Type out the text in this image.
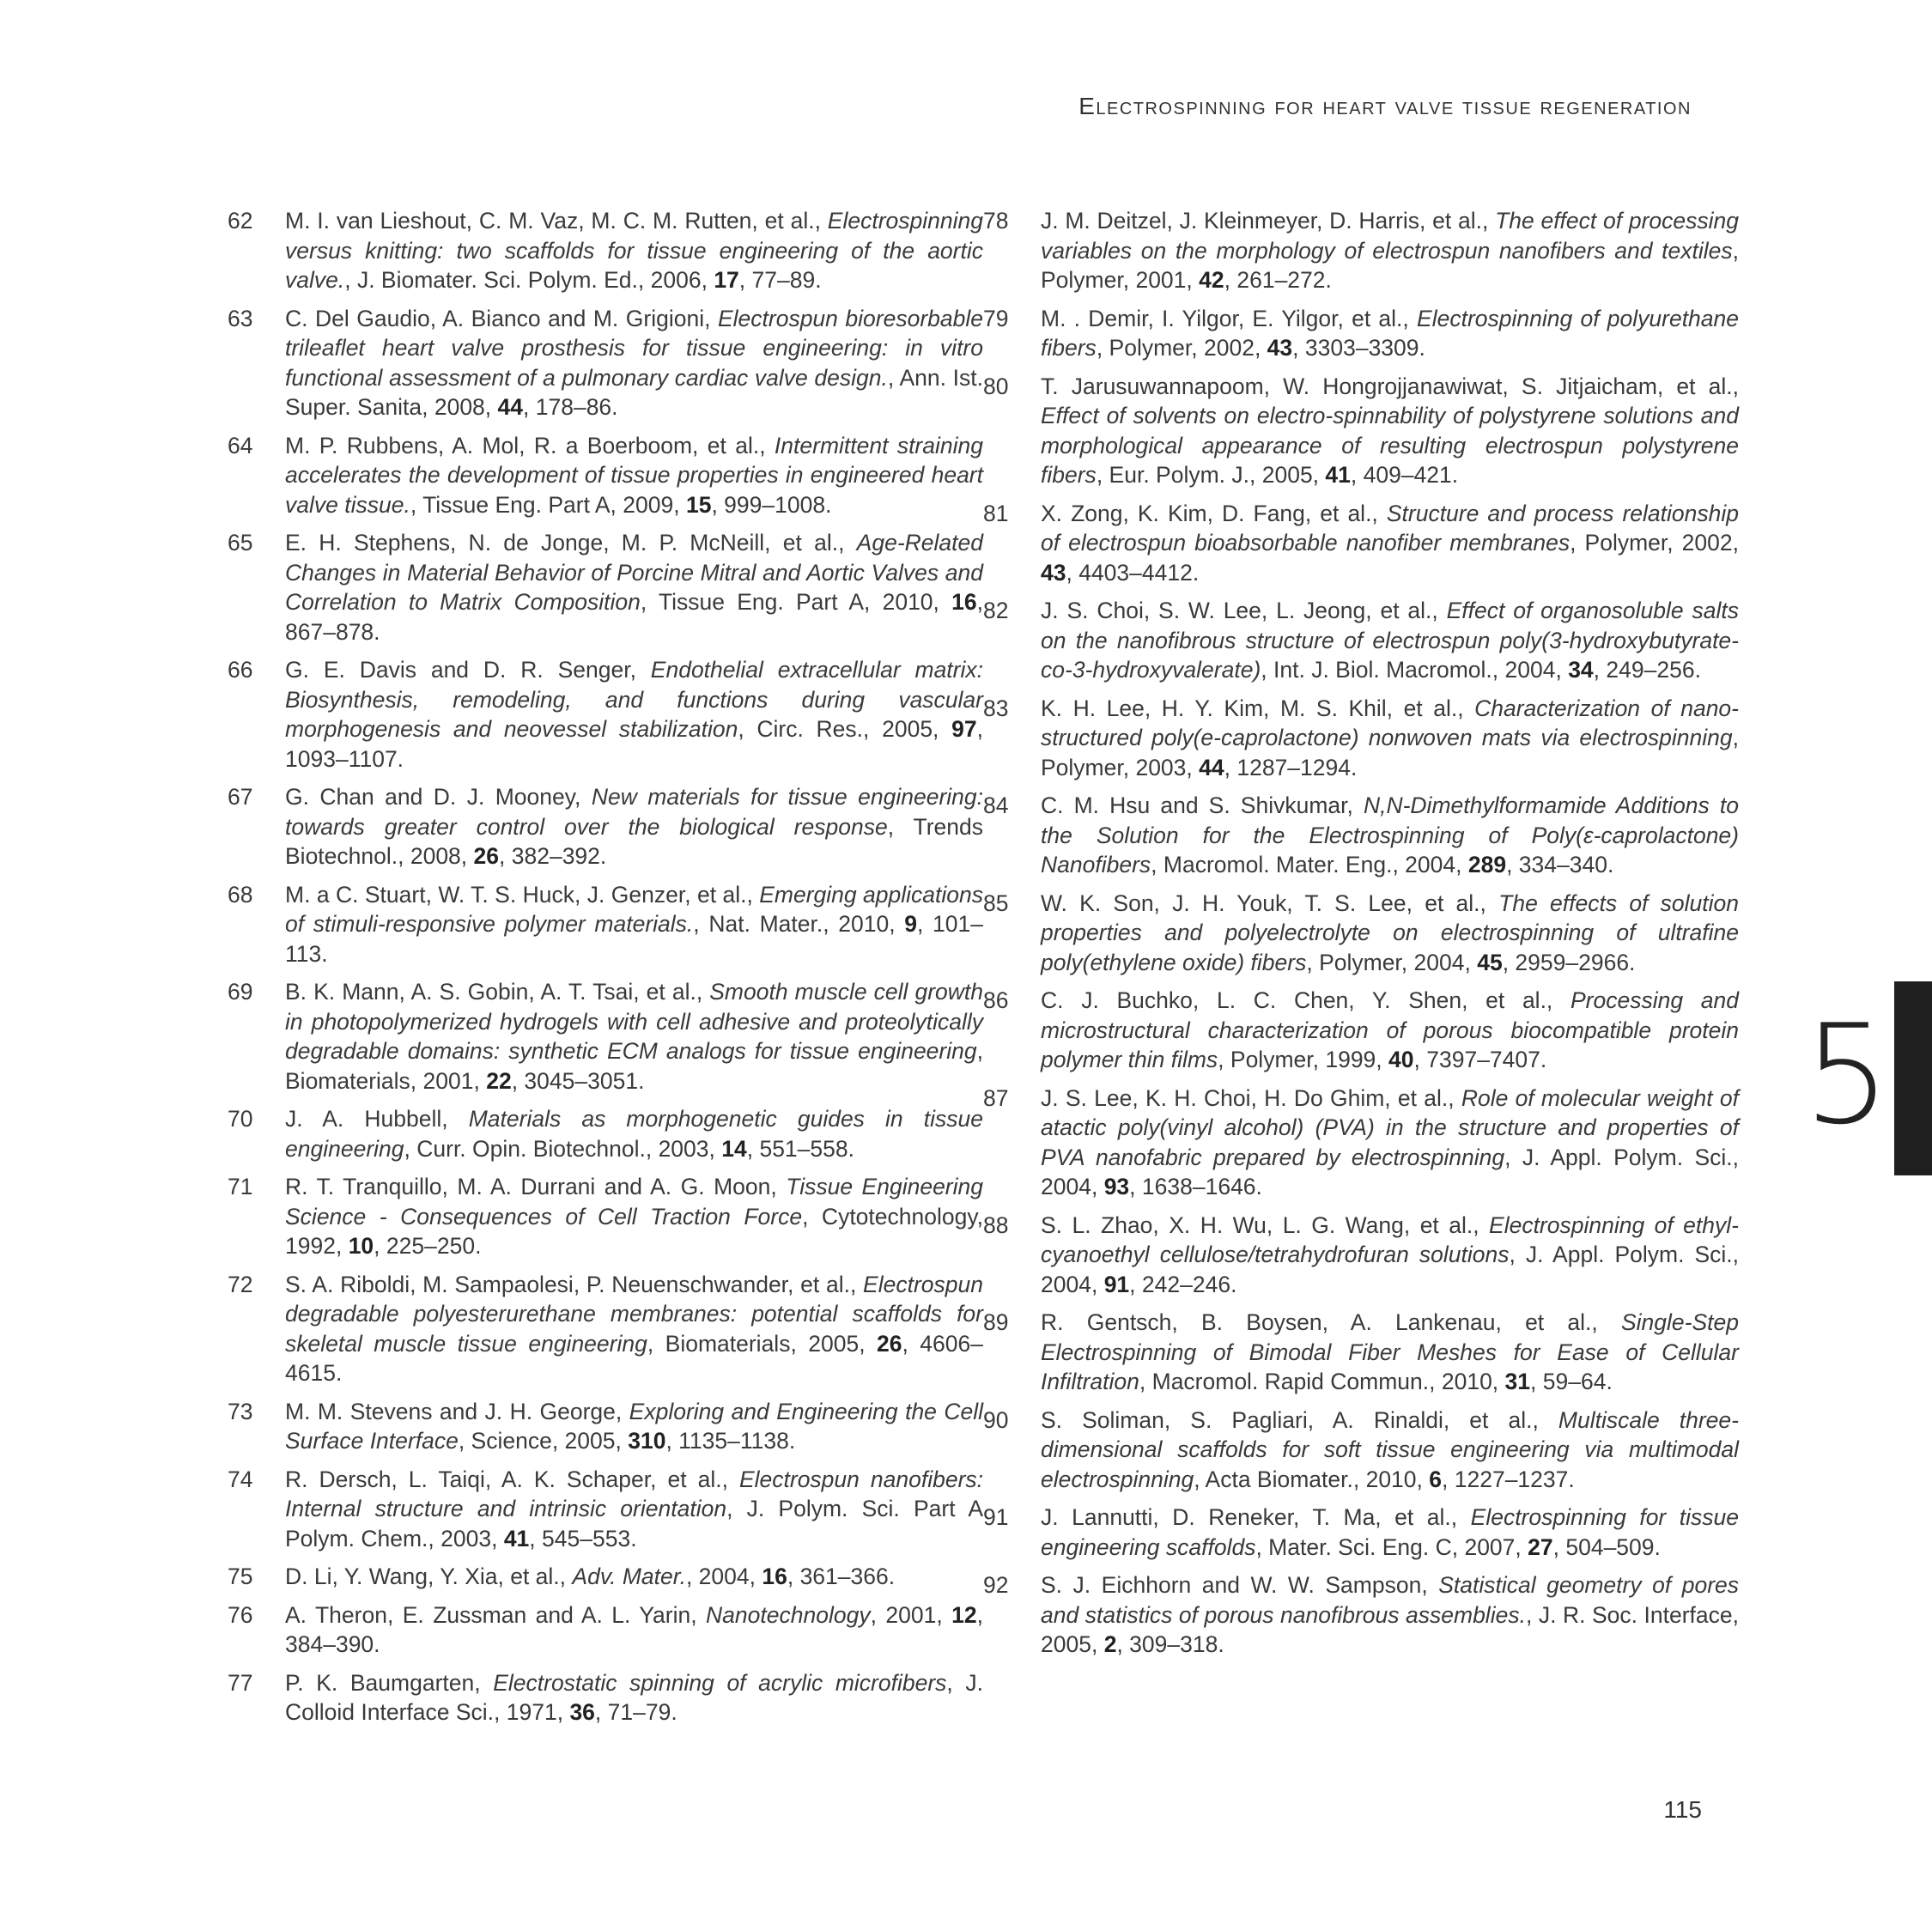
Electrospinning for heart valve tissue regeneration
62 M. I. van Lieshout, C. M. Vaz, M. C. M. Rutten, et al., Electrospinning versus knitting: two scaffolds for tissue engineering of the aortic valve., J. Biomater. Sci. Polym. Ed., 2006, 17, 77–89.
63 C. Del Gaudio, A. Bianco and M. Grigioni, Electrospun bioresorbable trileaflet heart valve prosthesis for tissue engineering: in vitro functional assessment of a pulmonary cardiac valve design., Ann. Ist. Super. Sanita, 2008, 44, 178–86.
64 M. P. Rubbens, A. Mol, R. a Boerboom, et al., Intermittent straining accelerates the development of tissue properties in engineered heart valve tissue., Tissue Eng. Part A, 2009, 15, 999–1008.
65 E. H. Stephens, N. de Jonge, M. P. McNeill, et al., Age-Related Changes in Material Behavior of Porcine Mitral and Aortic Valves and Correlation to Matrix Composition, Tissue Eng. Part A, 2010, 16, 867–878.
66 G. E. Davis and D. R. Senger, Endothelial extracellular matrix: Biosynthesis, remodeling, and functions during vascular morphogenesis and neovessel stabilization, Circ. Res., 2005, 97, 1093–1107.
67 G. Chan and D. J. Mooney, New materials for tissue engineering: towards greater control over the biological response, Trends Biotechnol., 2008, 26, 382–392.
68 M. a C. Stuart, W. T. S. Huck, J. Genzer, et al., Emerging applications of stimuli-responsive polymer materials., Nat. Mater., 2010, 9, 101–113.
69 B. K. Mann, A. S. Gobin, A. T. Tsai, et al., Smooth muscle cell growth in photopolymerized hydrogels with cell adhesive and proteolytically degradable domains: synthetic ECM analogs for tissue engineering, Biomaterials, 2001, 22, 3045–3051.
70 J. A. Hubbell, Materials as morphogenetic guides in tissue engineering, Curr. Opin. Biotechnol., 2003, 14, 551–558.
71 R. T. Tranquillo, M. A. Durrani and A. G. Moon, Tissue Engineering Science - Consequences of Cell Traction Force, Cytotechnology, 1992, 10, 225–250.
72 S. A. Riboldi, M. Sampaolesi, P. Neuenschwander, et al., Electrospun degradable polyesterurethane membranes: potential scaffolds for skeletal muscle tissue engineering, Biomaterials, 2005, 26, 4606–4615.
73 M. M. Stevens and J. H. George, Exploring and Engineering the Cell Surface Interface, Science, 2005, 310, 1135–1138.
74 R. Dersch, L. Taiqi, A. K. Schaper, et al., Electrospun nanofibers: Internal structure and intrinsic orientation, J. Polym. Sci. Part A Polym. Chem., 2003, 41, 545–553.
75 D. Li, Y. Wang, Y. Xia, et al., Adv. Mater., 2004, 16, 361–366.
76 A. Theron, E. Zussman and A. L. Yarin, Nanotechnology, 2001, 12, 384–390.
77 P. K. Baumgarten, Electrostatic spinning of acrylic microfibers, J. Colloid Interface Sci., 1971, 36, 71–79.
78 J. M. Deitzel, J. Kleinmeyer, D. Harris, et al., The effect of processing variables on the morphology of electrospun nanofibers and textiles, Polymer, 2001, 42, 261–272.
79 M. . Demir, I. Yilgor, E. Yilgor, et al., Electrospinning of polyurethane fibers, Polymer, 2002, 43, 3303–3309.
80 T. Jarusuwannapoom, W. Hongrojjanawiwat, S. Jitjaicham, et al., Effect of solvents on electro-spinnability of polystyrene solutions and morphological appearance of resulting electrospun polystyrene fibers, Eur. Polym. J., 2005, 41, 409–421.
81 X. Zong, K. Kim, D. Fang, et al., Structure and process relationship of electrospun bioabsorbable nanofiber membranes, Polymer, 2002, 43, 4403–4412.
82 J. S. Choi, S. W. Lee, L. Jeong, et al., Effect of organosoluble salts on the nanofibrous structure of electrospun poly(3-hydroxybutyrate-co-3-hydroxyvalerate), Int. J. Biol. Macromol., 2004, 34, 249–256.
83 K. H. Lee, H. Y. Kim, M. S. Khil, et al., Characterization of nano-structured poly(e-caprolactone) nonwoven mats via electrospinning, Polymer, 2003, 44, 1287–1294.
84 C. M. Hsu and S. Shivkumar, N,N-Dimethylformamide Additions to the Solution for the Electrospinning of Poly(ε-caprolactone) Nanofibers, Macromol. Mater. Eng., 2004, 289, 334–340.
85 W. K. Son, J. H. Youk, T. S. Lee, et al., The effects of solution properties and polyelectrolyte on electrospinning of ultrafine poly(ethylene oxide) fibers, Polymer, 2004, 45, 2959–2966.
86 C. J. Buchko, L. C. Chen, Y. Shen, et al., Processing and microstructural characterization of porous biocompatible protein polymer thin films, Polymer, 1999, 40, 7397–7407.
87 J. S. Lee, K. H. Choi, H. Do Ghim, et al., Role of molecular weight of atactic poly(vinyl alcohol) (PVA) in the structure and properties of PVA nanofabric prepared by electrospinning, J. Appl. Polym. Sci., 2004, 93, 1638–1646.
88 S. L. Zhao, X. H. Wu, L. G. Wang, et al., Electrospinning of ethyl-cyanoethyl cellulose/tetrahydrofuran solutions, J. Appl. Polym. Sci., 2004, 91, 242–246.
89 R. Gentsch, B. Boysen, A. Lankenau, et al., Single-Step Electrospinning of Bimodal Fiber Meshes for Ease of Cellular Infiltration, Macromol. Rapid Commun., 2010, 31, 59–64.
90 S. Soliman, S. Pagliari, A. Rinaldi, et al., Multiscale three-dimensional scaffolds for soft tissue engineering via multimodal electrospinning, Acta Biomater., 2010, 6, 1227–1237.
91 J. Lannutti, D. Reneker, T. Ma, et al., Electrospinning for tissue engineering scaffolds, Mater. Sci. Eng. C, 2007, 27, 504–509.
92 S. J. Eichhorn and W. W. Sampson, Statistical geometry of pores and statistics of porous nanofibrous assemblies., J. R. Soc. Interface, 2005, 2, 309–318.
5
115
